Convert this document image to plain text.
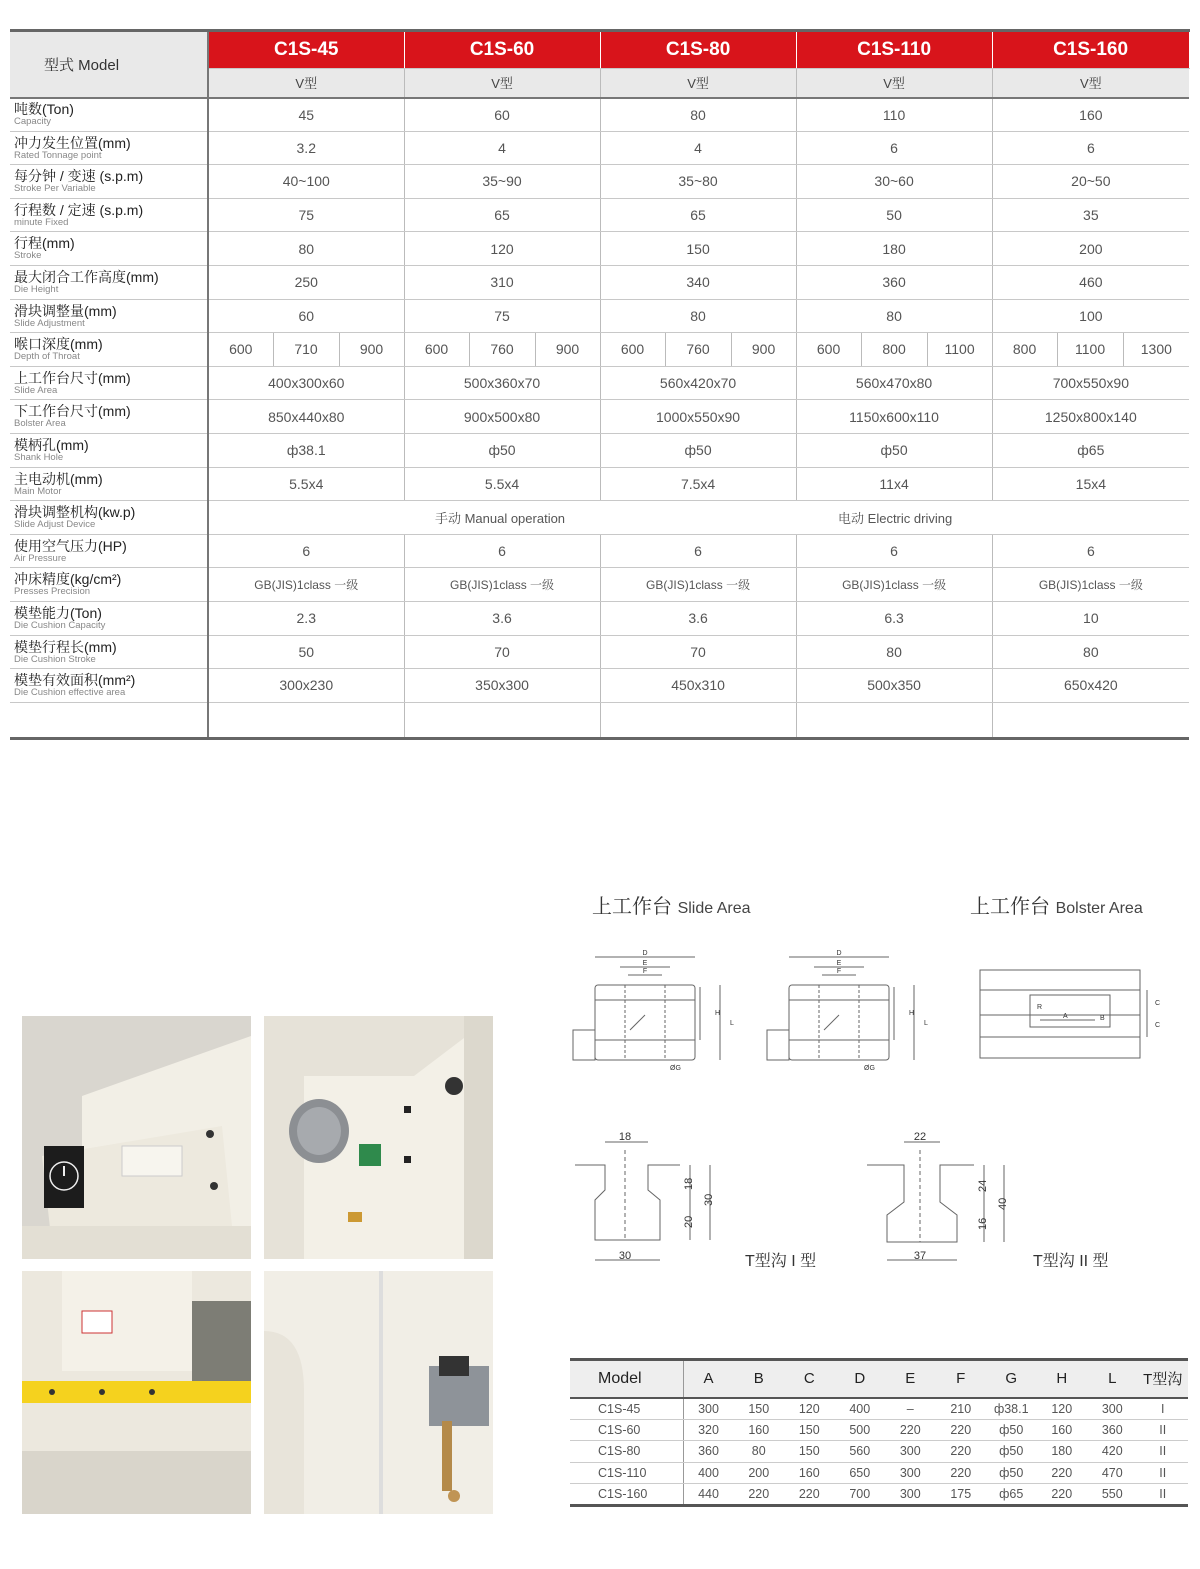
型式 Model	C1S-45			C1S-60			C1S-80			C1S-110			C1S-160		
	V型			V型			V型			V型			V型		

吨数(Ton)
Capacity	45			60			80			110			160		

冲力发生位置(mm)
Rated Tonnage point	3.2			4			4			6			6		

每分钟 / 变速 (s.p.m)
Stroke Per Variable	40~100			35~90			35~80			30~60			20~50		

行程数 / 定速 (s.p.m)
minute Fixed	75			65			65			50			35		

行程(mm)
Stroke	80			120			150			180			200		

最大闭合工作高度(mm)
Die Height	250			310			340			360			460		

滑块调整量(mm)
Slide Adjustment	60			75			80			80			100		

喉口深度(mm)
Depth of Throat	600	710	900	600	760	900	600	760	900	600	800	1100	800	1100	1300

上工作台尺寸(mm)
Slide Area	400x300x60			500x360x70			560x420x70			560x470x80			700x550x90		

下工作台尺寸(mm)
Bolster Area	850x440x80			900x500x80			1000x550x90			1150x600x110			1250x800x140		

模柄孔(mm)
Shank Hole	ф38.1			ф50			ф50			ф50			ф65		

主电动机(mm)
Main Motor	5.5x4			5.5x4			7.5x4			11x4			15x4		

滑块调整机构(kw.p)
Slide Adjust Device	手动 Manual operation						电动 Electric driving								

使用空气压力(HP)
Air Pressure	6			6			6			6			6		

冲床精度(kg/cm²)
Presses Precision	GB(JIS)1class 一级			GB(JIS)1class 一级			GB(JIS)1class 一级			GB(JIS)1class 一级			GB(JIS)1class 一级		

模垫能力(Ton)
Die Cushion Capacity	2.3			3.6			3.6			6.3			10		

模垫行程长(mm)
Die Cushion Stroke	50			70			70			80			80		

模垫有效面积(mm²)
Die Cushion effective area	300x230			350x300			450x310			500x350			650x420		

上工作台 Slide Area	上工作台 Bolster Area
D
E
F
H
L
ØG
D
E
F
H
L
ØG
A	B
R
C
C
18
18
30
20
30	T型沟 I 型
22
24
40
16
37	T型沟 II 型
Model	A	B	C	D	E	F	G	H	L	T型沟
C1S-45	300	150	120	400	–	210	ф38.1	120	300	I
C1S-60	320	160	150	500	220	220	ф50	160	360	II
C1S-80	360	80	150	560	300	220	ф50	180	420	II
C1S-110	400	200	160	650	300	220	ф50	220	470	II
C1S-160	440	220	220	700	300	175	ф65	220	550	II
